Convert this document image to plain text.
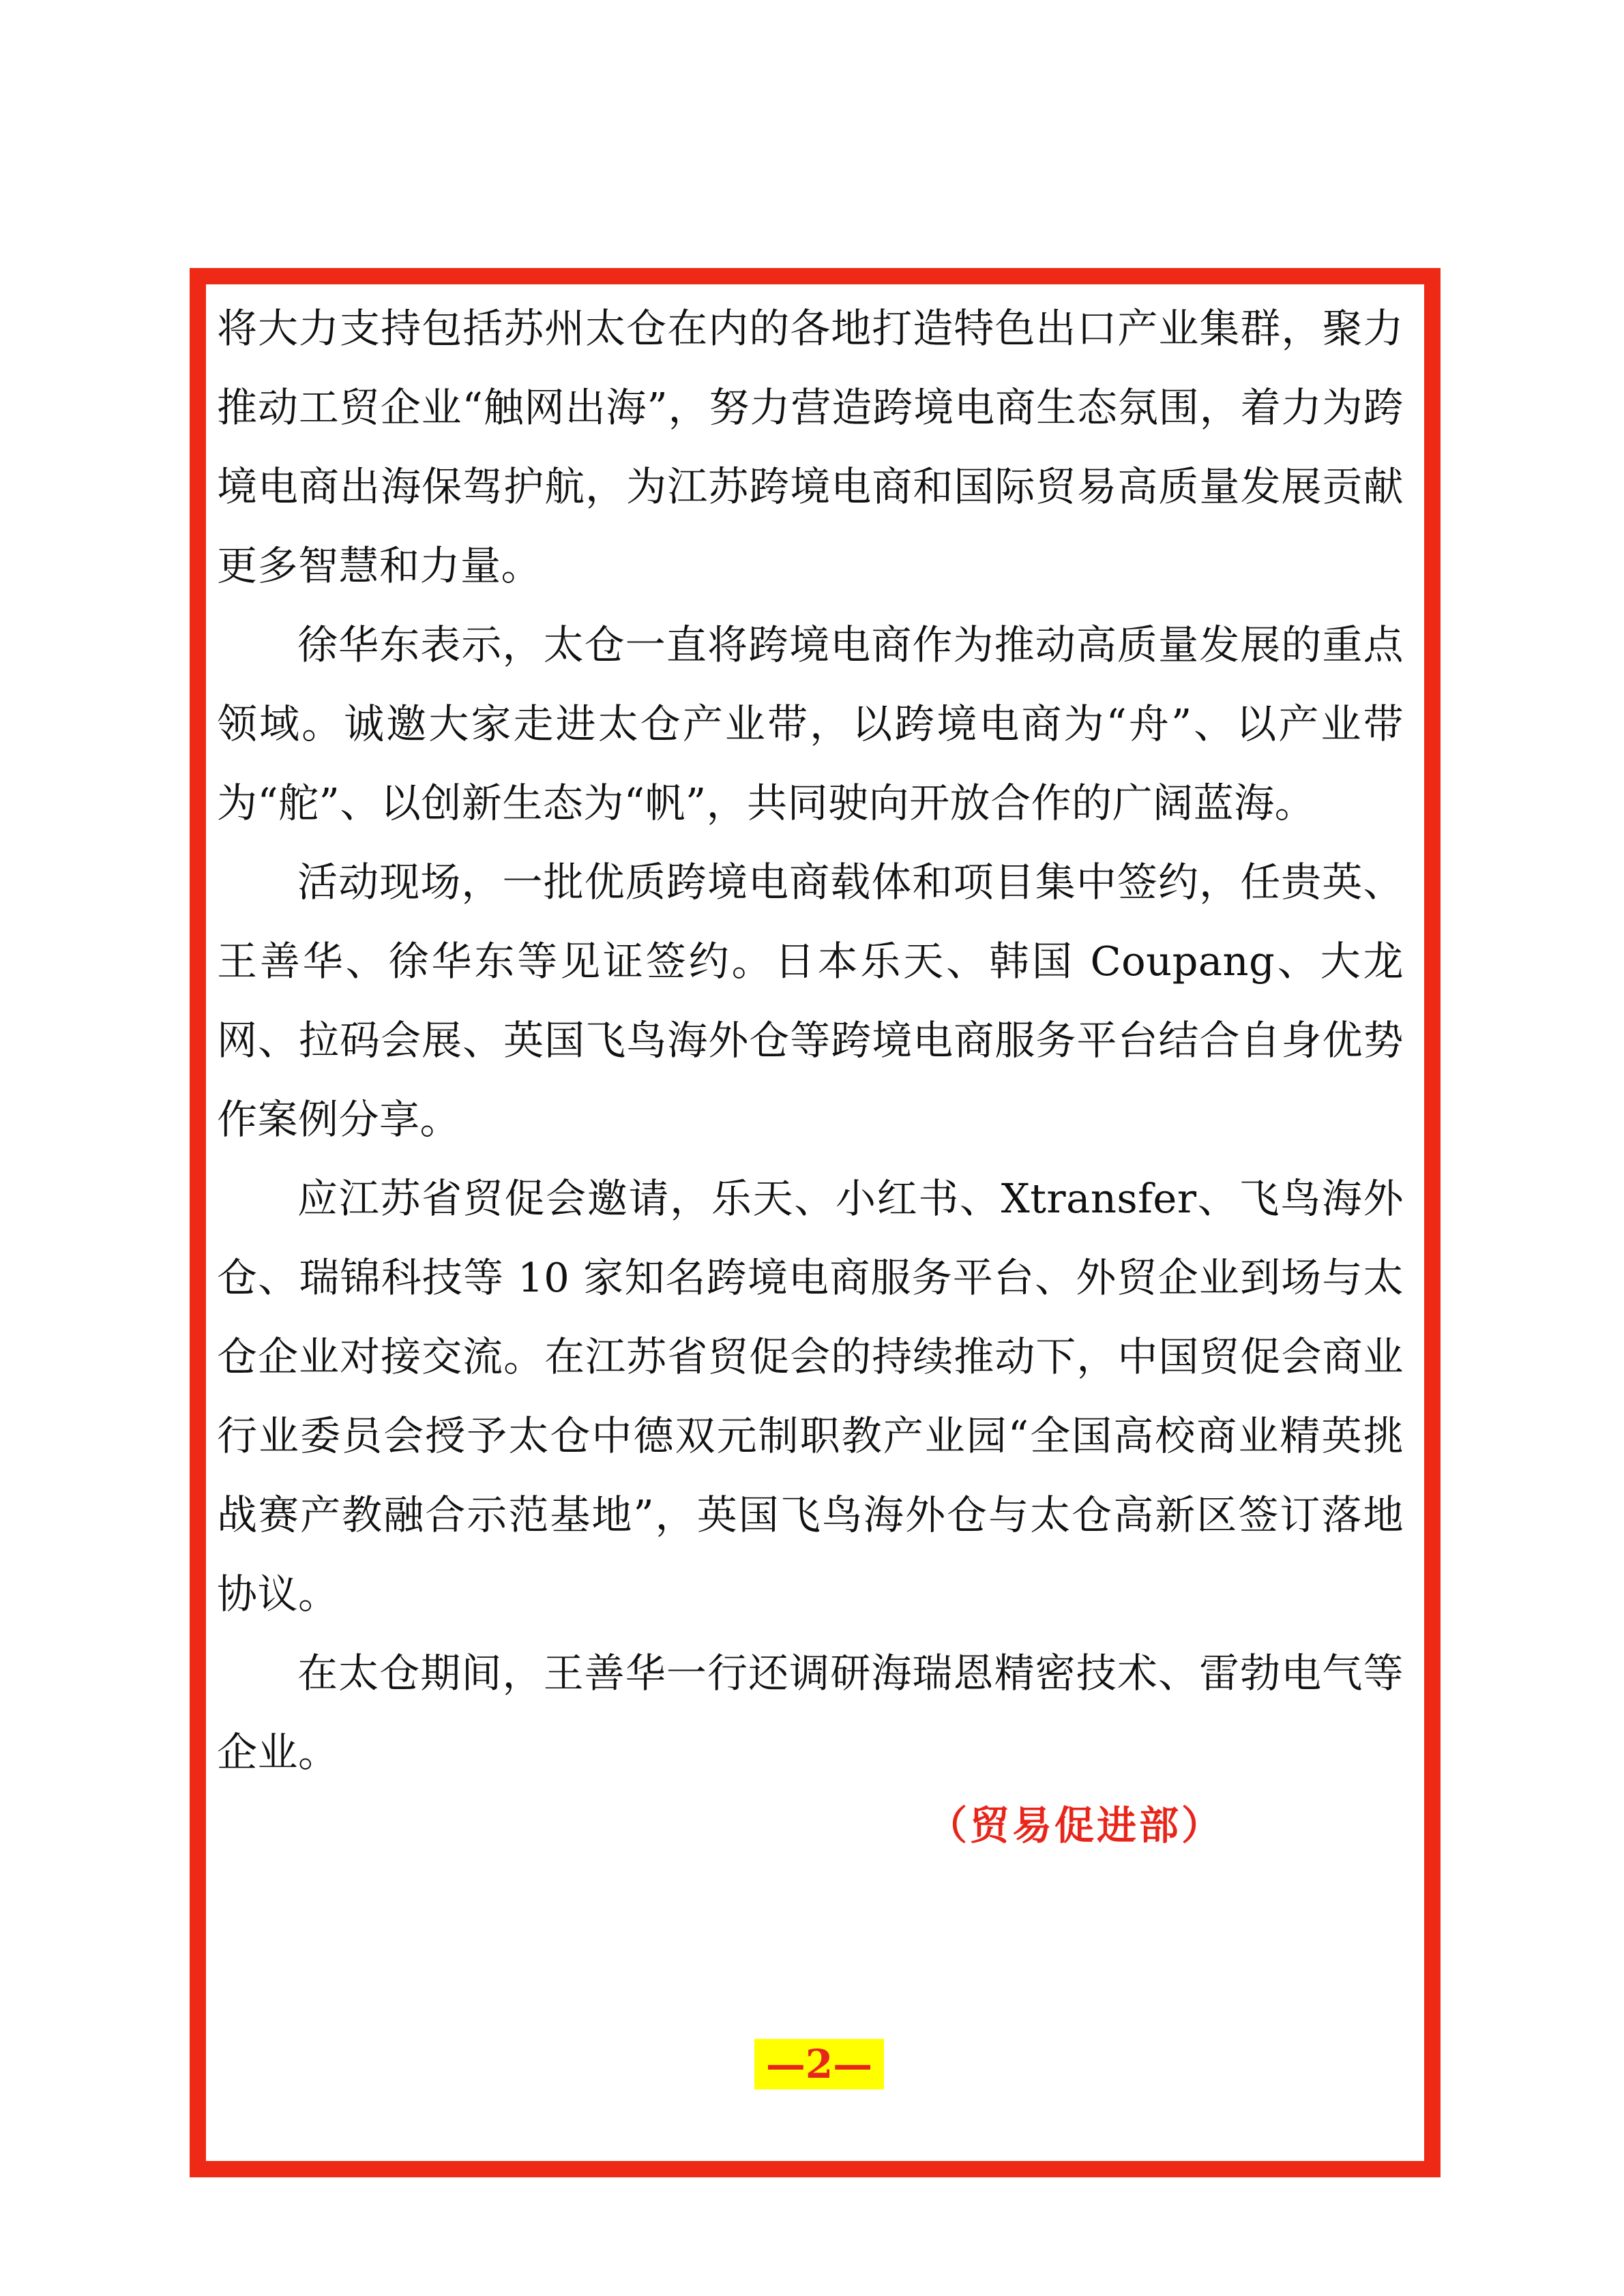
将大力支持包括苏州太仓在内的各地打造特色出口产业集群，聚力推动工贸企业“触网出海”，努力营造跨境电商生态氛围，着力为跨境电商出海保驾护航，为江苏跨境电商和国际贸易高质量发展贡献更多智慧和力量。

徐华东表示，太仓一直将跨境电商作为推动高质量发展的重点领域。诚邀大家走进太仓产业带，以跨境电商为“舟”、以产业带为“舵”、以创新生态为“帆”，共同驶向开放合作的广阔蓝海。

活动现场，一批优质跨境电商载体和项目集中签约，任贵英、王善华、徐华东等见证签约。日本乐天、韩国 Coupang、大龙网、拉码会展、英国飞鸟海外仓等跨境电商服务平台结合自身优势作案例分享。

应江苏省贸促会邀请，乐天、小红书、Xtransfer、飞鸟海外仓、瑞锦科技等 10 家知名跨境电商服务平台、外贸企业到场与太仓企业对接交流。在江苏省贸促会的持续推动下，中国贸促会商业行业委员会授予太仓中德双元制职教产业园“全国高校商业精英挑战赛产教融合示范基地”，英国飞鸟海外仓与太仓高新区签订落地协议。

在太仓期间，王善华一行还调研海瑞恩精密技术、雷勃电气等企业。

（贸易促进部）
—2—
